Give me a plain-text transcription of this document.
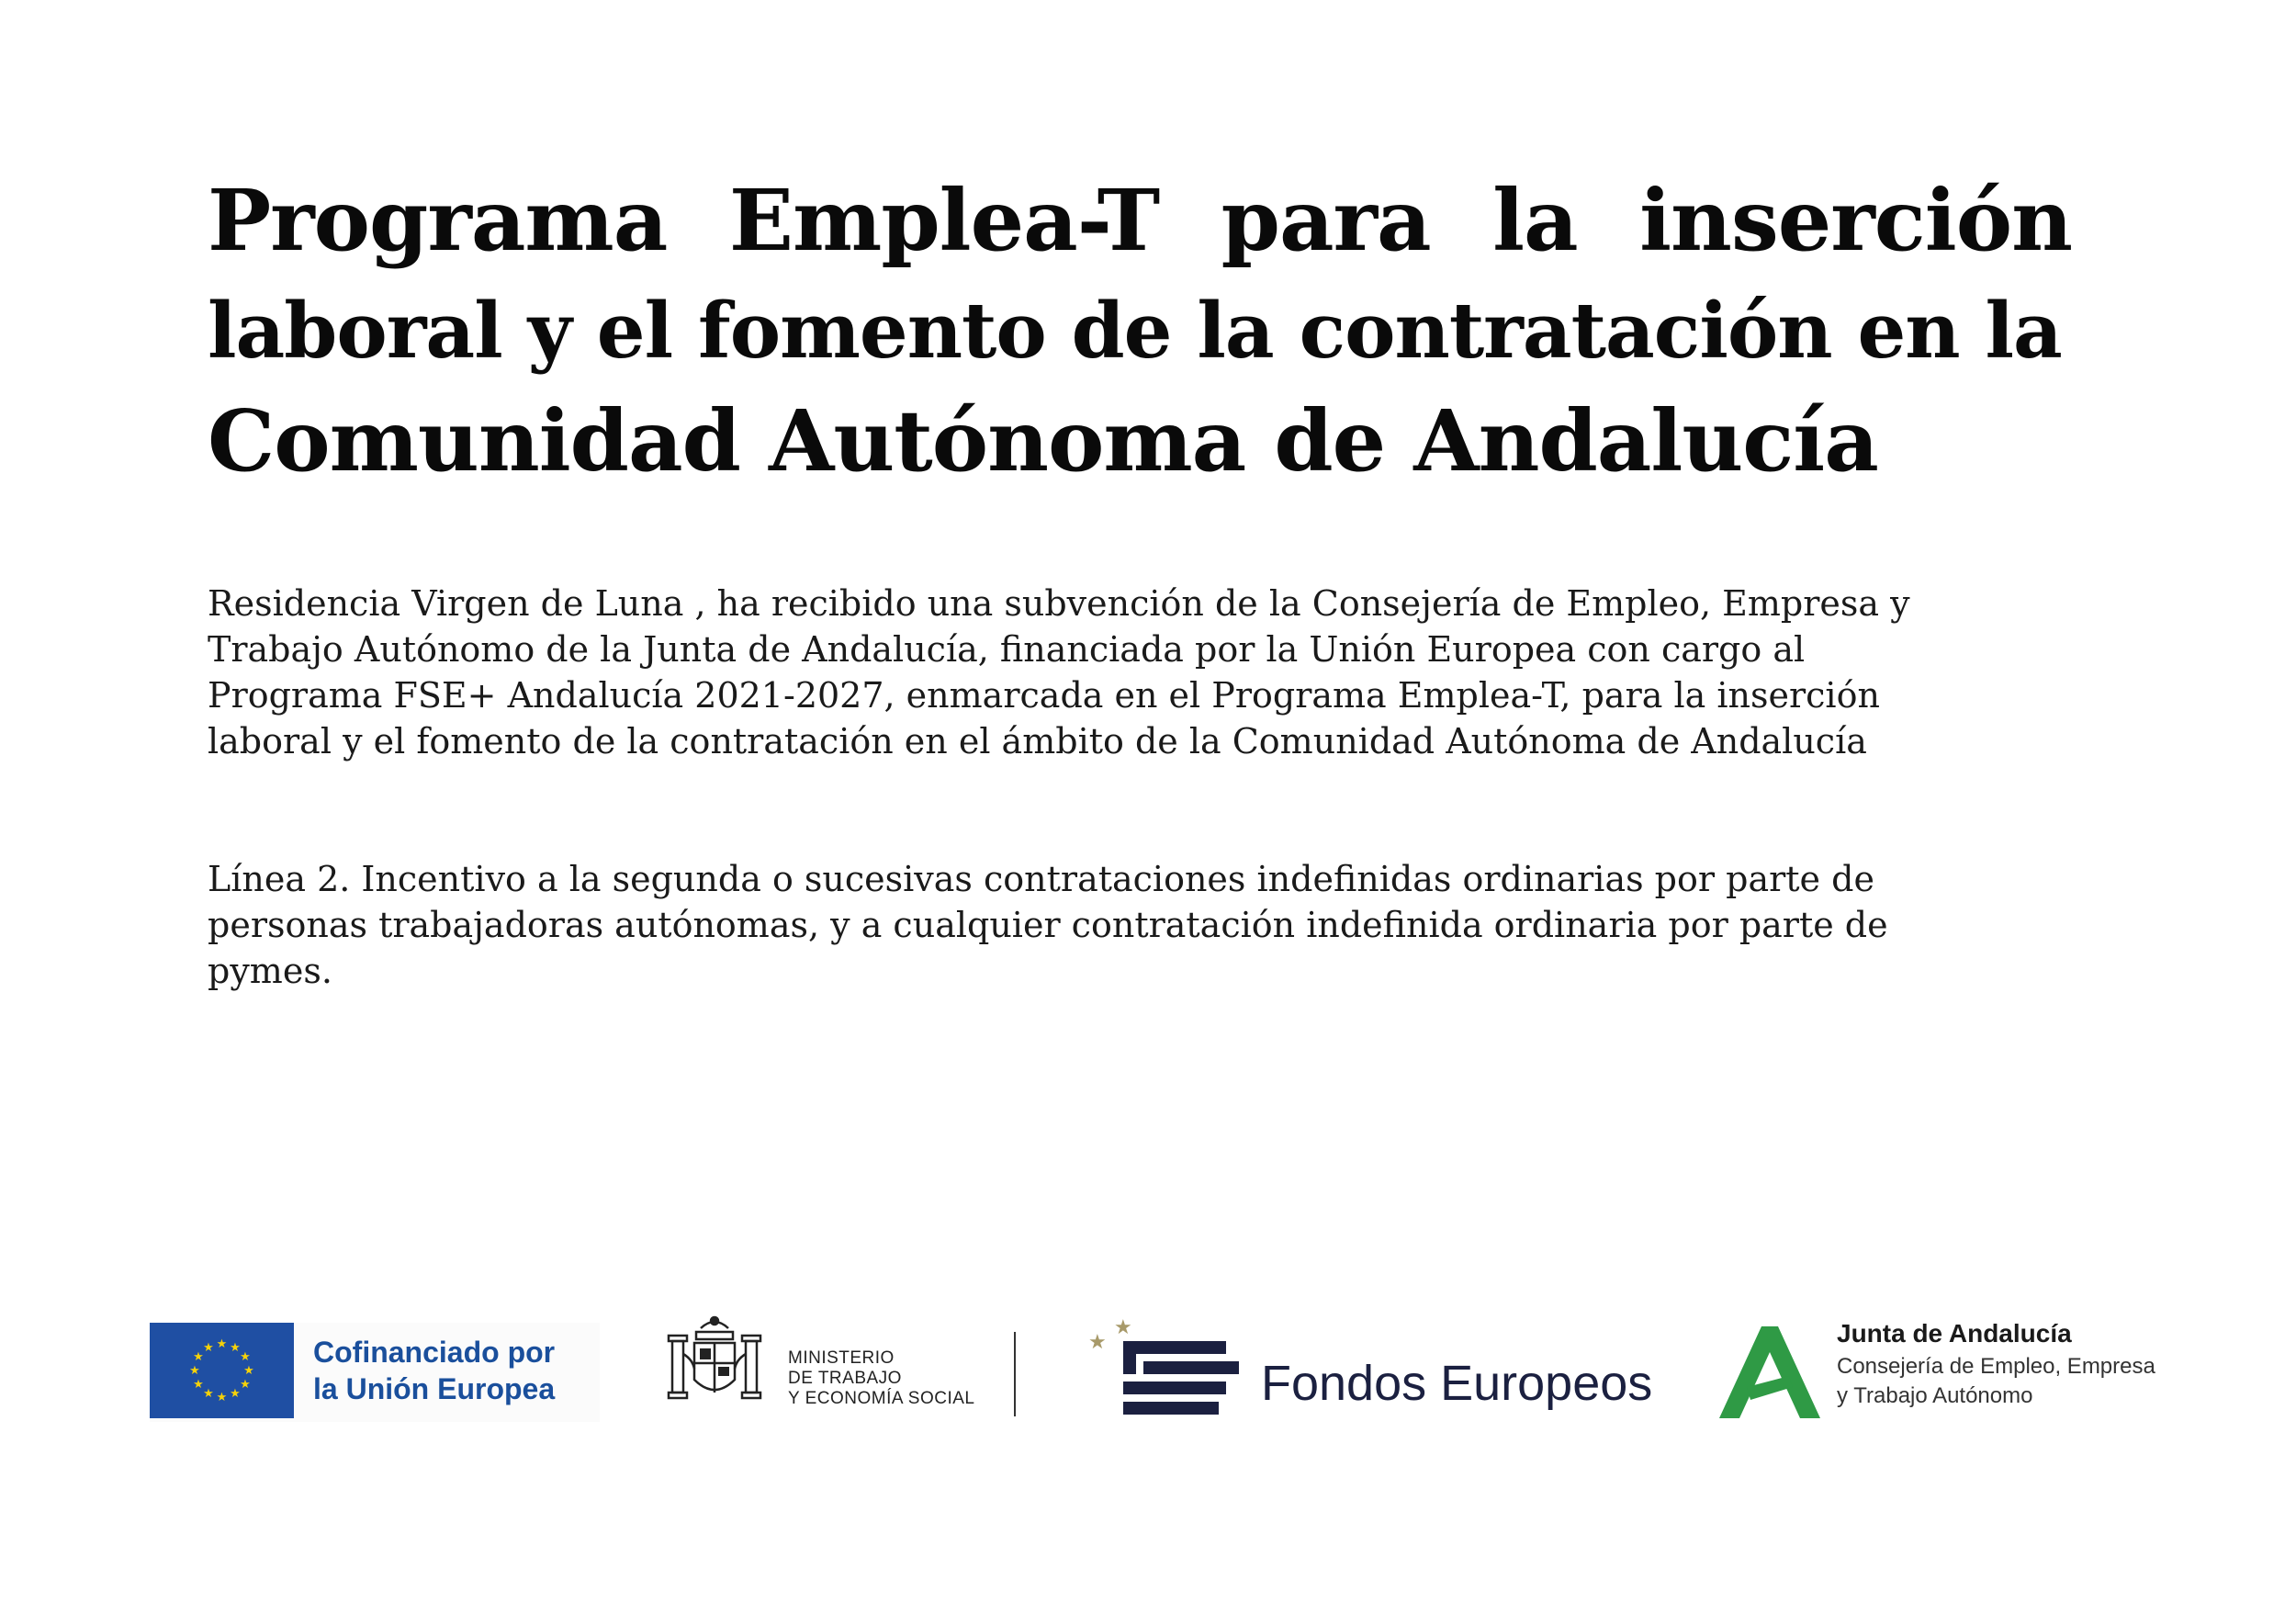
Programa Emplea-T para la inserción
laboral y el fomento de la contratación en la
Comunidad Autónoma de Andalucía
Residencia Virgen de Luna , ha recibido una subvención de la Consejería de Empleo, Empresa y
Trabajo Autónomo de la Junta de Andalucía, financiada por la Unión Europea con cargo al
Programa FSE+ Andalucía 2021-2027, enmarcada en el Programa Emplea-T, para la inserción
laboral y el fomento de la contratación en el ámbito de la Comunidad Autónoma de Andalucía
Línea 2. Incentivo a la segunda o sucesivas contrataciones indefinidas ordinarias por parte de
personas trabajadoras autónomas, y a cualquier contratación indefinida ordinaria por parte de
pymes.
★ ★
★
★
★
★
★
★
★
★
★
★	Cofinanciado por
la Unión Europea
MINISTERIO
DE TRABAJO
Y ECONOMÍA SOCIAL
★
★
Fondos Europeos
Junta de Andalucía
Consejería de Empleo, Empresa
y Trabajo Autónomo
